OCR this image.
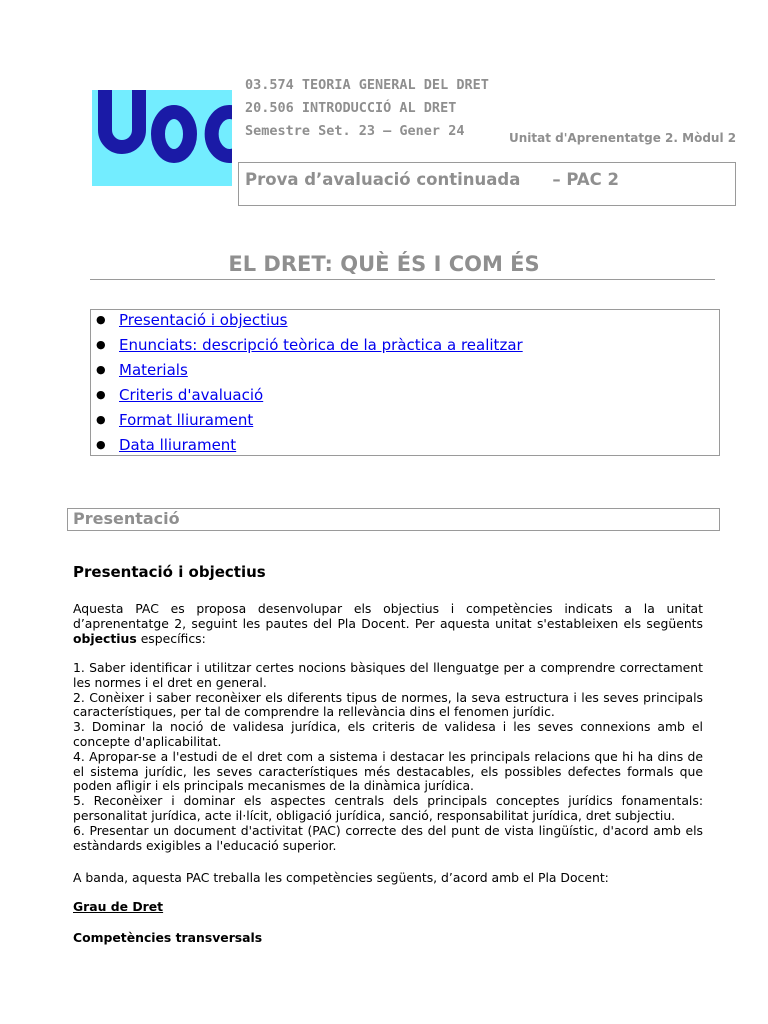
03.574 TEORIA GENERAL DEL DRET
20.506 INTRODUCCIÓ AL DRET
Semestre Set. 23 – Gener 24	Unitat d'Aprenentatge 2. Mòdul 2
Prova d’avaluació continuada – PAC 2
EL DRET: QUÈ ÉS I COM ÉS
● Presentació i objectius
● Enunciats: descripció teòrica de la pràctica a realitzar
● Materials
● Criteris d'avaluació
● Format lliurament
● Data lliurament
Presentació
Presentació i objectius
Aquesta PAC es proposa desenvolupar els objectius i competències indicats a la unitat d’aprenentatge 2, seguint les pautes del Pla Docent. Per aquesta unitat s'estableixen els següents objectius específics:

1. Saber identificar i utilitzar certes nocions bàsiques del llenguatge per a comprendre correctament les normes i el dret en general.

2. Conèixer i saber reconèixer els diferents tipus de normes, la seva estructura i les seves principals característiques, per tal de comprendre la rellevància dins el fenomen jurídic.

3. Dominar la noció de validesa jurídica, els criteris de validesa i les seves connexions amb el concepte d'aplicabilitat.

4. Apropar-se a l'estudi de el dret com a sistema i destacar les principals relacions que hi ha dins de el sistema jurídic, les seves característiques més destacables, els possibles defectes formals que poden afligir i els principals mecanismes de la dinàmica jurídica.

5. Reconèixer i dominar els aspectes centrals dels principals conceptes jurídics fonamentals: personalitat jurídica, acte il·lícit, obligació jurídica, sanció, responsabilitat jurídica, dret subjectiu.

6. Presentar un document d'activitat (PAC) correcte des del punt de vista lingüístic, d'acord amb els estàndards exigibles a l'educació superior.

A banda, aquesta PAC treballa les competències següents, d’acord amb el Pla Docent:
Grau de Dret
Competències transversals
